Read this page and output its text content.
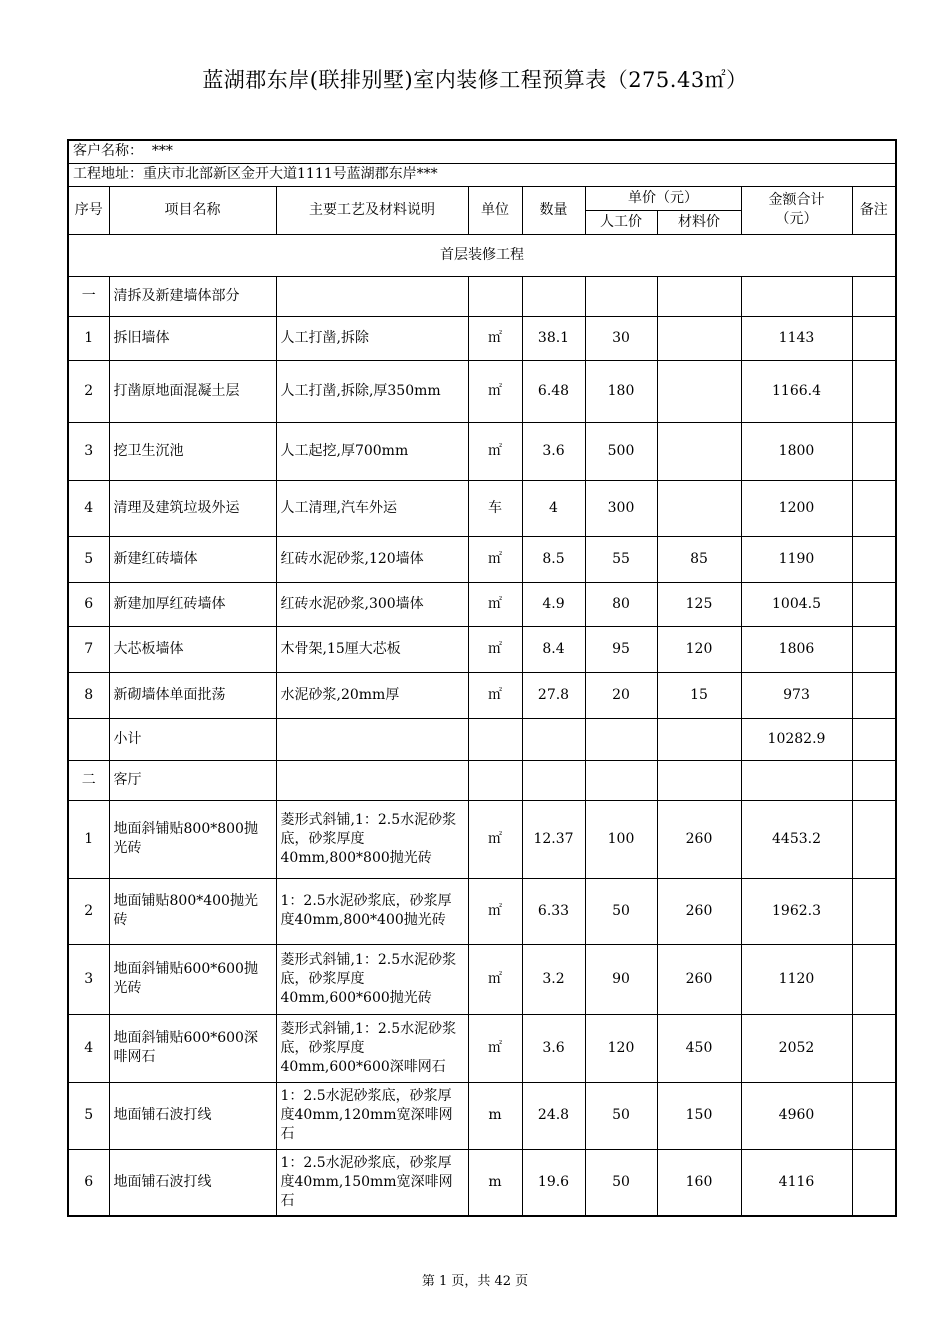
蓝湖郡东岸(联排别墅)室内装修工程预算表（275.43㎡）
客户名称： ***								
工程地址：重庆市北部新区金开大道1111号蓝湖郡东岸***								
序号	项目名称	主要工艺及材料说明	单位	数量	单价（元）		金额合计（元）	备注
					人工价	材料价		
首层装修工程								
一	清拆及新建墙体部分							
1	拆旧墙体	人工打凿,拆除	㎡	38.1	30		1143	
2	打凿原地面混凝土层	人工打凿,拆除,厚350mm	㎡	6.48	180		1166.4	
3	挖卫生沉池	人工起挖,厚700mm	㎡	3.6	500		1800	
4	清理及建筑垃圾外运	人工清理,汽车外运	车	4	300		1200	
5	新建红砖墙体	红砖水泥砂浆,120墙体	㎡	8.5	55	85	1190	
6	新建加厚红砖墙体	红砖水泥砂浆,300墙体	㎡	4.9	80	125	1004.5	
7	大芯板墙体	木骨架,15厘大芯板	㎡	8.4	95	120	1806	
8	新砌墙体单面批荡	水泥砂浆,20mm厚	㎡	27.8	20	15	973	
	小计						10282.9	
二	客厅							
1	地面斜铺贴800*800抛光砖	菱形式斜铺,1：2.5水泥砂浆底，砂浆厚度40mm,800*800抛光砖	㎡	12.37	100	260	4453.2	
2	地面铺贴800*400抛光砖	1：2.5水泥砂浆底，砂浆厚度40mm,800*400抛光砖	㎡	6.33	50	260	1962.3	
3	地面斜铺贴600*600抛光砖	菱形式斜铺,1：2.5水泥砂浆底，砂浆厚度40mm,600*600抛光砖	㎡	3.2	90	260	1120	
4	地面斜铺贴600*600深啡网石	菱形式斜铺,1：2.5水泥砂浆底，砂浆厚度40mm,600*600深啡网石	㎡	3.6	120	450	2052	
5	地面铺石波打线	1：2.5水泥砂浆底，砂浆厚度40mm,120mm宽深啡网石	m	24.8	50	150	4960	
6	地面铺石波打线	1：2.5水泥砂浆底，砂浆厚度40mm,150mm宽深啡网石	m	19.6	50	160	4116	
第 1 页，共 42 页
